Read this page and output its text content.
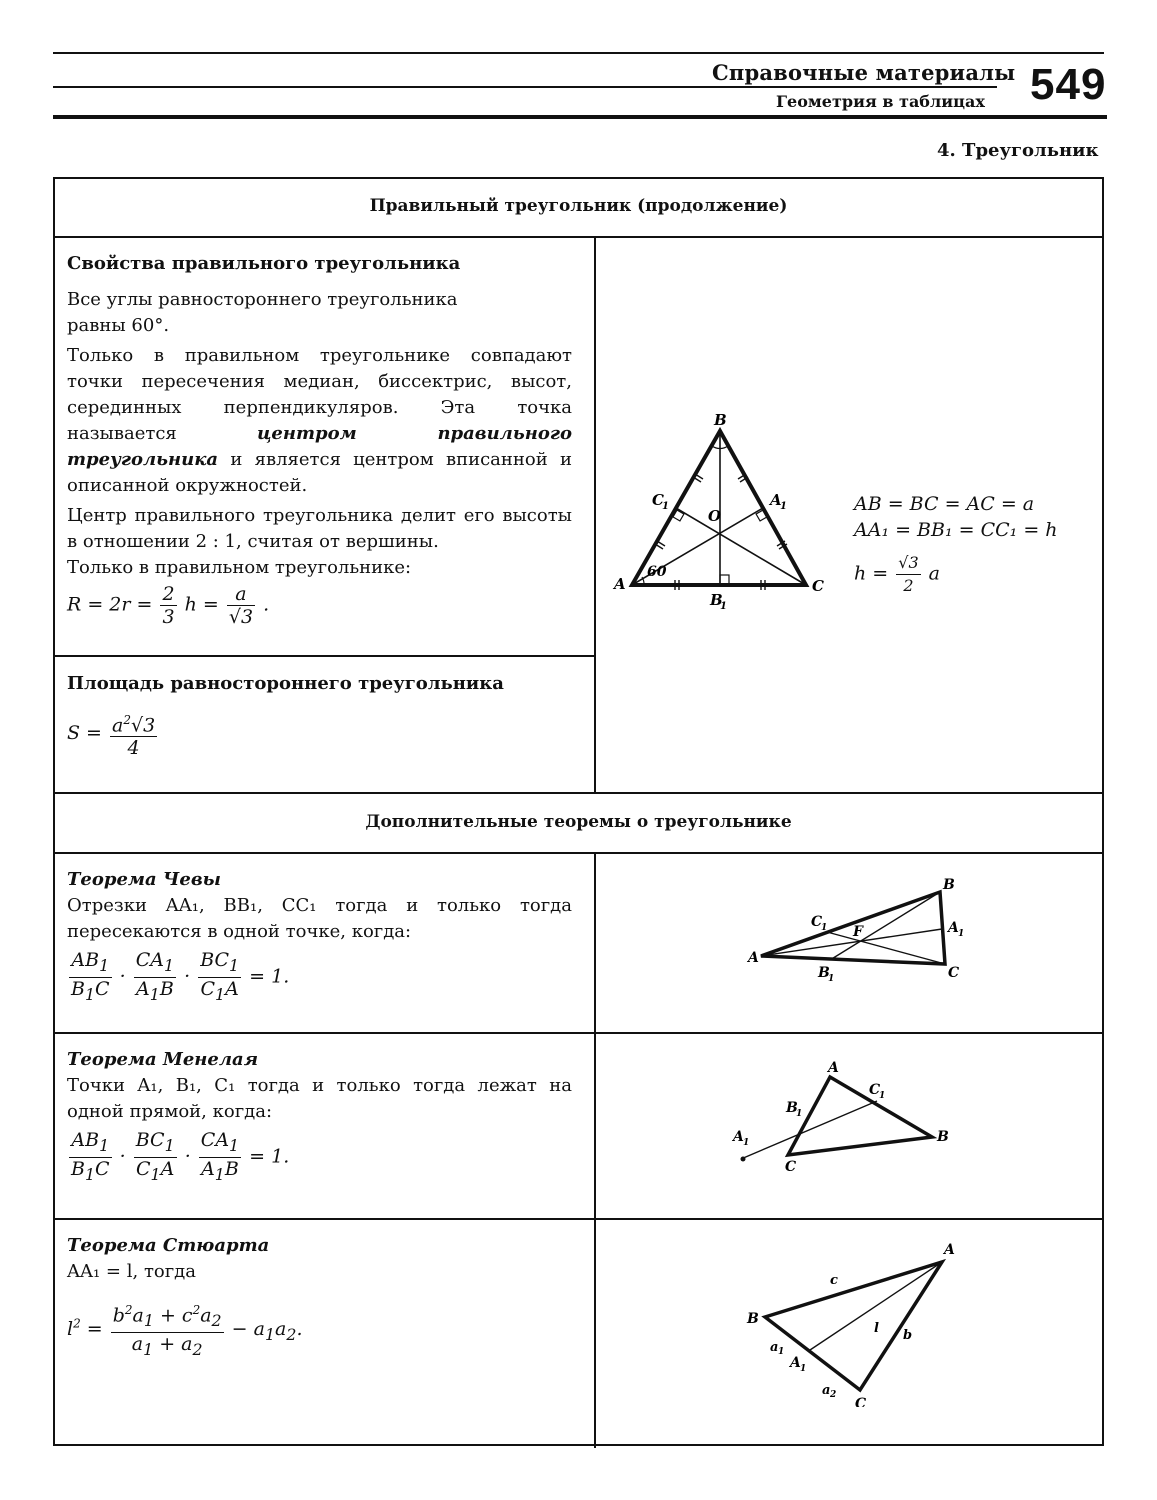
Справочные материалы
Геометрия в таблицах 549
4. Треугольник
Правильный треугольник (продолжение)

Свойства правильного треугольника

Все углы равностороннего треугольника равны 60°.

Только в правильном треугольнике совпадают точки пересечения медиан, биссектрис, высот, серединных перпендикуляров. Эта точка называется центром правильного треугольника и является центром вписанной и описанной окружностей.

Центр правильного треугольника делит его высоты в отношении 2 : 1, считая от вершины.

Только в правильном треугольнике:

$R = 2r = \frac{2}{3}$ $h = \frac{a}{√3}$ .

Площадь равностороннего треугольника

$S = \frac{a^2√3}{4}$
B
A	C
O
C
1	A
1
B
1
60
AB = BC = AC = a
AA₁ = BB₁ = CC₁ = h
$h = \frac{√3}{2}$ a
Дополнительные теоремы о треугольнике

Теорема Чевы

Отрезки AA₁, BB₁, CC₁ тогда и только тогда пересекаются в одной точке, когда:

$\frac{AB_1}{B_1C} \cdot \frac{CA_1}{A_1B} \cdot \frac{BC_1}{C_1A} = 1$.
A
B
C
C
1	A 1
B
1
F

Теорема Менелая

Точки A₁, B₁, C₁ тогда и только тогда лежат на одной прямой, когда:

$\frac{AB_1}{B_1C} \cdot \frac{BC_1}{C_1A} \cdot \frac{CA_1}{A_1B} = 1$.
A
B
C
C
1
B
1
A 1

Теорема Стюарта

AA₁ = l, тогда

$l^2 = \frac{b^2a_1 + c^2a_2}{a_1 + a_2} - a_1a_2$.
A
B
C
c
l b
a 1
A 1
a 2
